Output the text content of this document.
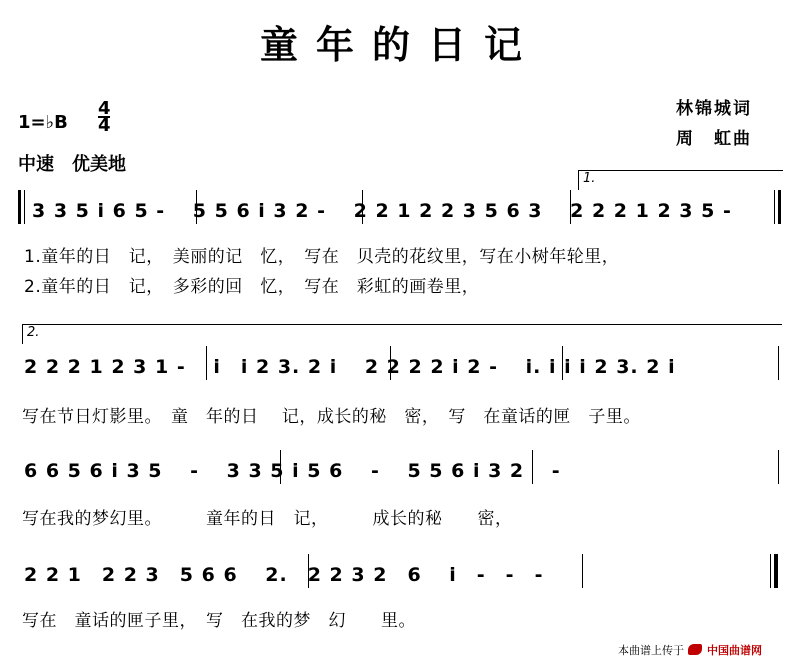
童年的日记
1=♭B
4
4
中速　优美地
林锦城词
周　虹曲
1.
3 3 5 i 6 5 -　 5 5 6 i 3 2 -　 2 2 1 2 2 3 5 6 3　 2 2 2 1 2 3 5 -
1.童年的日　记，　美丽的记　忆，　写在　贝壳的花纹里，写在小树年轮里，
2.童年的日　记，　多彩的回　忆，　写在　彩虹的画卷里，
2.
2 2 2 1 2 3 1 -　 i　i 2 3. 2 i　 2 2 2 2 i 2 -　 i. i i i 2 3. 2 i
写在节日灯影里。　童　年的日　 记，成长的秘　密，　写　在童话的匣　子里。
6 6 5 6 i 3 5　 -　 3 3 5 i 5 6　 -　 5 5 6 i 3 2　 -
写在我的梦幻里。　　　童年的日　记，　　　成长的秘　　密，
2 2 1　2 2 3　5 6 6　 2.　2 2 3 2　6　 i　-　-　-
写在　童话的匣子里，　写　在我的梦　幻　　里。
本曲谱上传于 中国曲谱网
